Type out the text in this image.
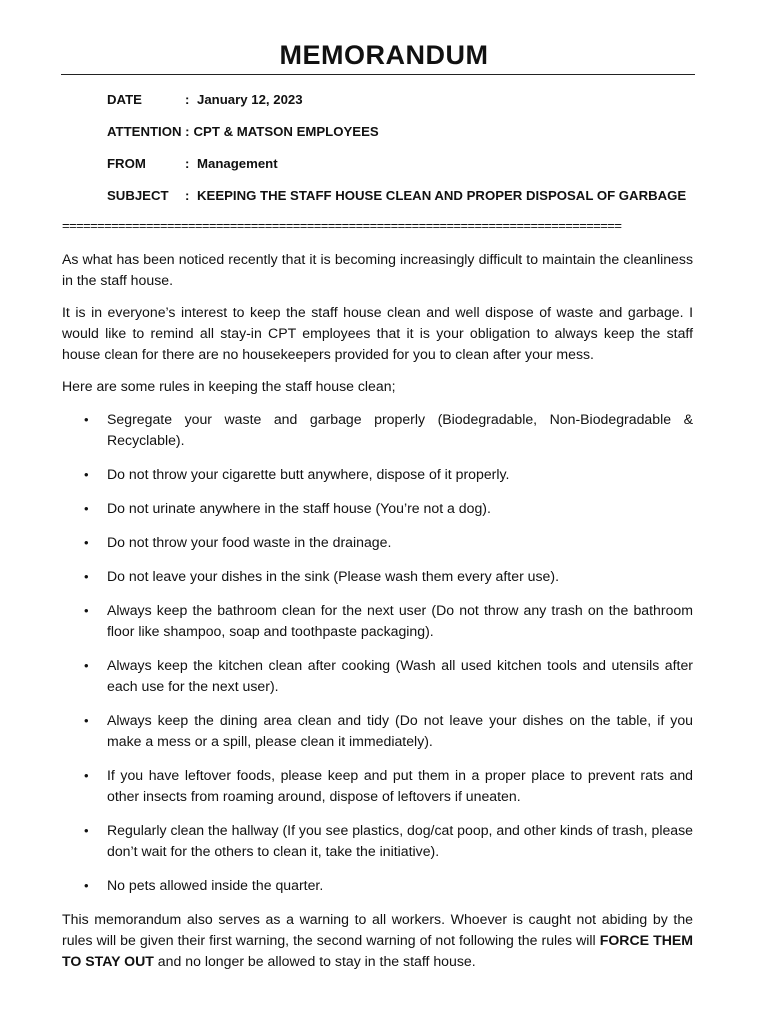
MEMORANDUM
DATE	: January 12, 2023
ATTENTION : CPT & MATSON EMPLOYEES
FROM	: Management
SUBJECT : KEEPING THE STAFF HOUSE CLEAN AND PROPER DISPOSAL OF GARBAGE
================================================================================

As what has been noticed recently that it is becoming increasingly difficult to maintain the cleanliness in the staff house.

It is in everyone’s interest to keep the staff house clean and well dispose of waste and garbage. I would like to remind all stay-in CPT employees that it is your obligation to always keep the staff house clean for there are no housekeepers provided for you to clean after your mess.

Here are some rules in keeping the staff house clean;

• Segregate your waste and garbage properly (Biodegradable, Non-Biodegradable & Recyclable).
• Do not throw your cigarette butt anywhere, dispose of it properly.
• Do not urinate anywhere in the staff house (You’re not a dog).
• Do not throw your food waste in the drainage.
• Do not leave your dishes in the sink (Please wash them every after use).
• Always keep the bathroom clean for the next user (Do not throw any trash on the bathroom floor like shampoo, soap and toothpaste packaging).
• Always keep the kitchen clean after cooking (Wash all used kitchen tools and utensils after each use for the next user).
• Always keep the dining area clean and tidy (Do not leave your dishes on the table, if you make a mess or a spill, please clean it immediately).
• If you have leftover foods, please keep and put them in a proper place to prevent rats and other insects from roaming around, dispose of leftovers if uneaten.
• Regularly clean the hallway (If you see plastics, dog/cat poop, and other kinds of trash, please don’t wait for the others to clean it, take the initiative).
• No pets allowed inside the quarter.

This memorandum also serves as a warning to all workers. Whoever is caught not abiding by the rules will be given their first warning, the second warning of not following the rules will FORCE THEM TO STAY OUT and no longer be allowed to stay in the staff house.
